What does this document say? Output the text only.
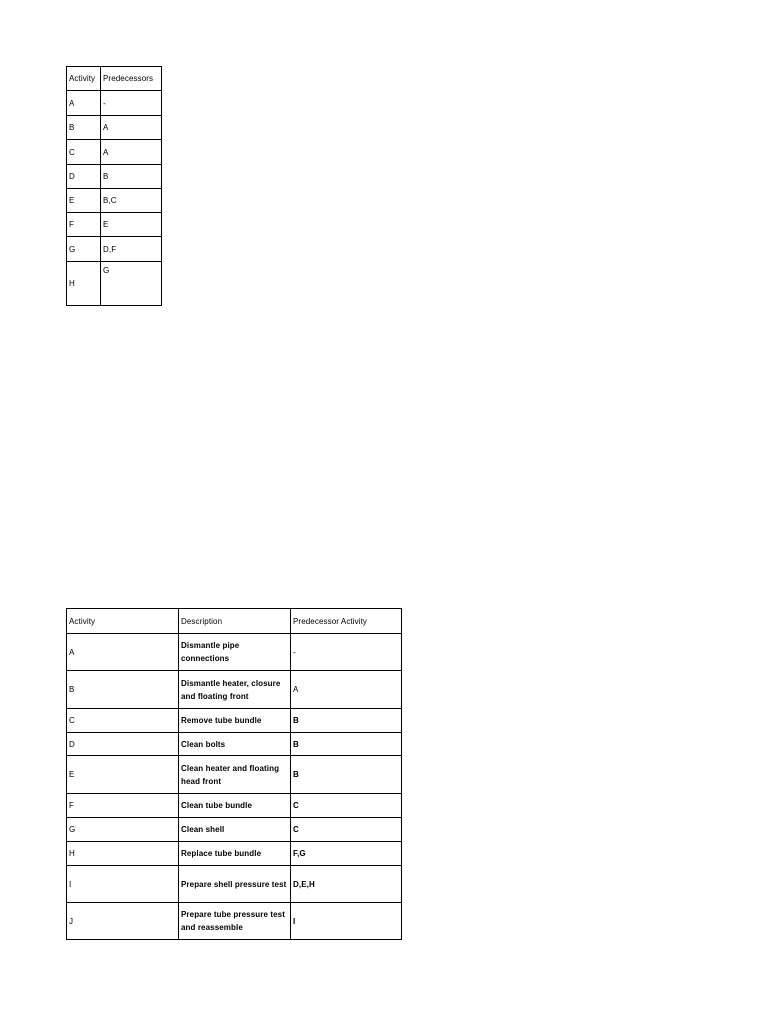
Activity	Predecessors
A	-
B	A
C	A
D	B
E	B,C
F	E
G	D,F
H	G
Activity	Description	Predecessor Activity
A	Dismantle pipe connections	-
B	Dismantle heater, closure and floating front	A
C	Remove tube bundle	B
D	Clean bolts	B
E	Clean heater and floating head front	B
F	Clean tube bundle	C
G	Clean shell	C
H	Replace tube bundle	F,G
I	Prepare shell pressure test	D,E,H
J	Prepare tube pressure test and reassemble	I
